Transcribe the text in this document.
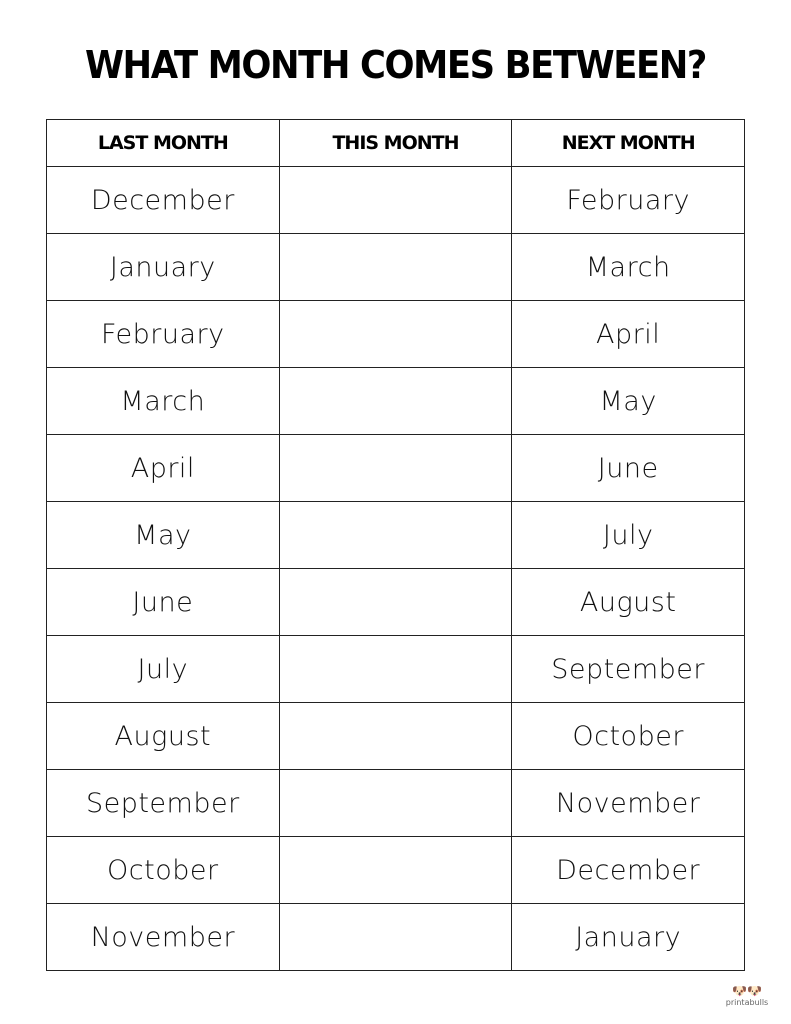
WHAT MONTH COMES BETWEEN?
LAST MONTH	THIS MONTH	NEXT MONTH
December		February
January		March
February		April
March		May
April		June
May		July
June		August
July		September
August		October
September		November
October		December
November		January
🐶🐶
printabulls
